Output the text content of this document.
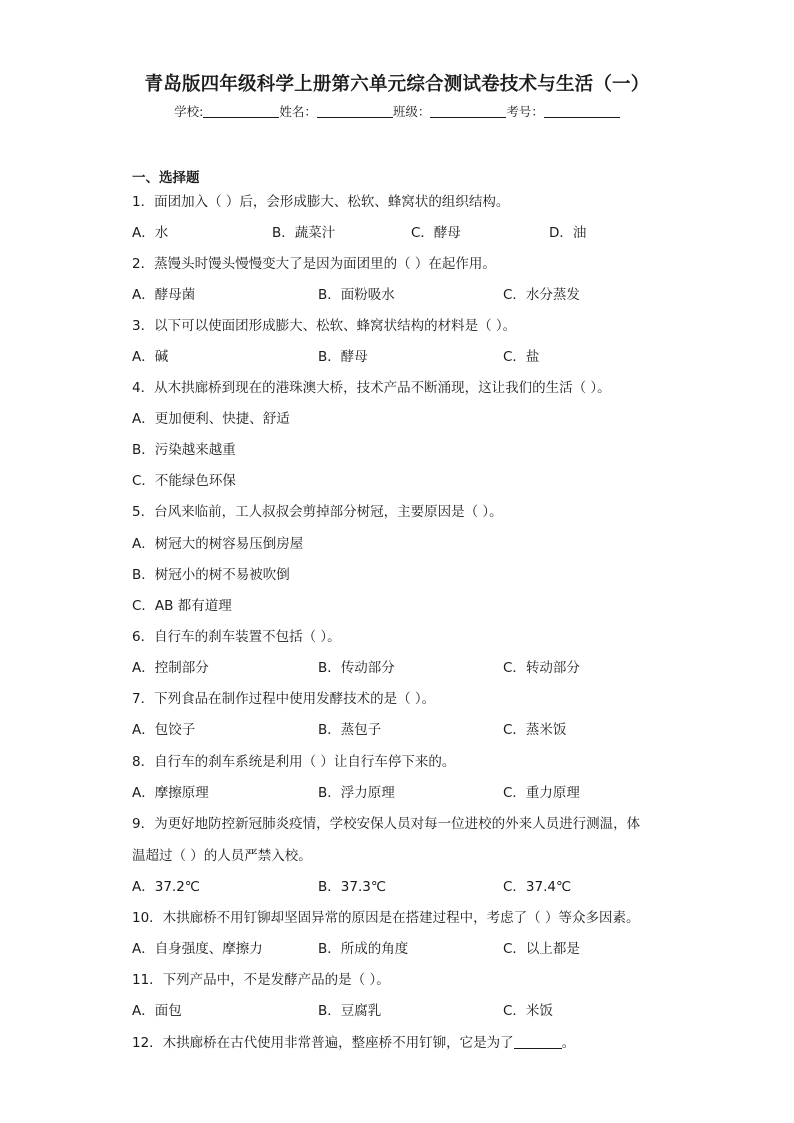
青岛版四年级科学上册第六单元综合测试卷技术与生活（一）
学校:	姓名：	班级：	考号：
一、选择题
1．面团加入（ ）后，会形成膨大、松软、蜂窝状的组织结构。
A．水	B．蔬菜汁	C．酵母	D．油
2．蒸馒头时馒头慢慢变大了是因为面团里的（ ）在起作用。
A．酵母菌	B．面粉吸水	C．水分蒸发
3．以下可以使面团形成膨大、松软、蜂窝状结构的材料是（ ）。
A．碱	B．酵母	C．盐
4．从木拱廊桥到现在的港珠澳大桥，技术产品不断涌现，这让我们的生活（ ）。
A．更加便利、快捷、舒适
B．污染越来越重
C．不能绿色环保
5．台风来临前，工人叔叔会剪掉部分树冠，主要原因是（ ）。
A．树冠大的树容易压倒房屋
B．树冠小的树不易被吹倒
C．AB 都有道理
6．自行车的刹车装置不包括（ ）。
A．控制部分	B．传动部分	C．转动部分
7．下列食品在制作过程中使用发酵技术的是（ ）。
A．包饺子	B．蒸包子	C．蒸米饭
8．自行车的刹车系统是利用（ ）让自行车停下来的。
A．摩擦原理	B．浮力原理	C．重力原理
9．为更好地防控新冠肺炎疫情，学校安保人员对每一位进校的外来人员进行测温，体
温超过（ ）的人员严禁入校。
A．37.2℃	B．37.3℃	C．37.4℃
10．木拱廊桥不用钉铆却坚固异常的原因是在搭建过程中，考虑了（ ）等众多因素。
A．自身强度、摩擦力	B．所成的角度	C．以上都是
11．下列产品中，不是发酵产品的是（ ）。
A．面包	B．豆腐乳	C．米饭
12．木拱廊桥在古代使用非常普遍，整座桥不用钉铆，它是为了	。
